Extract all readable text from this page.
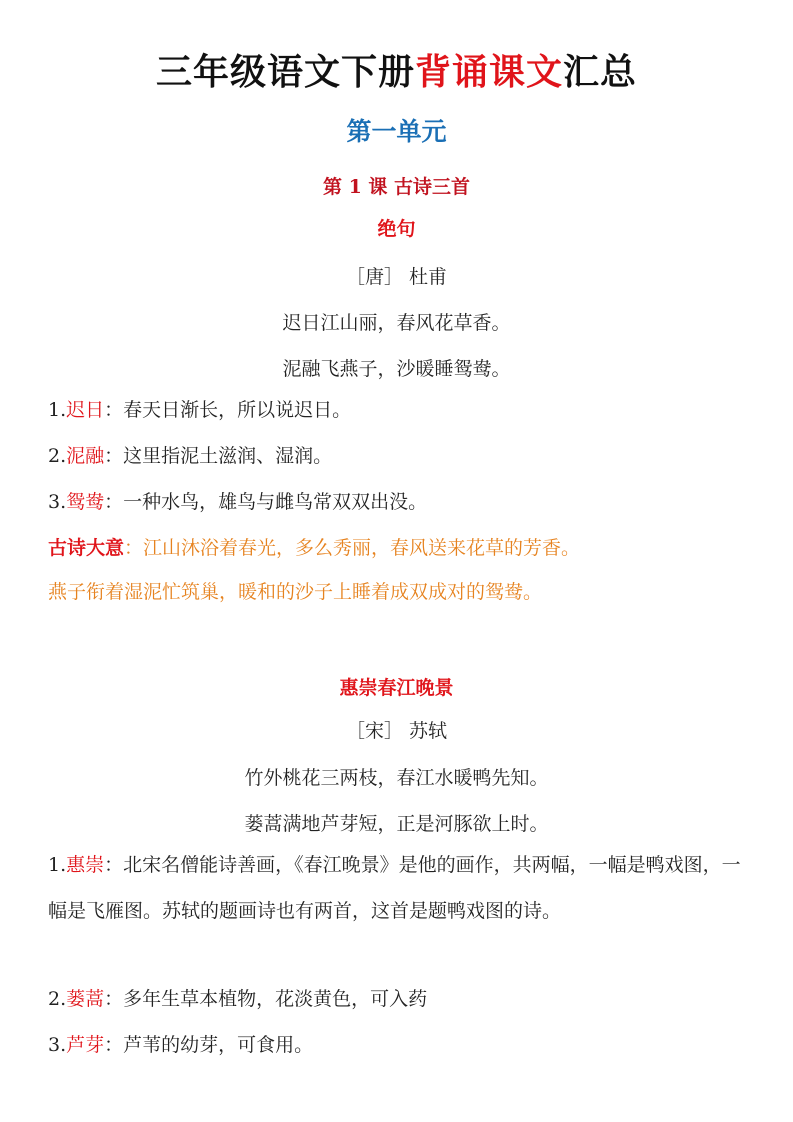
三年级语文下册背诵课文汇总
第一单元
第 1 课 古诗三首
绝句
［唐］ 杜甫
迟日江山丽，春风花草香。
泥融飞燕子，沙暖睡鸳鸯。
1.迟日：春天日渐长，所以说迟日。
2.泥融：这里指泥土滋润、湿润。
3.鸳鸯：一种水鸟，雄鸟与雌鸟常双双出没。
古诗大意：江山沐浴着春光，多么秀丽，春风送来花草的芳香。
燕子衔着湿泥忙筑巢，暖和的沙子上睡着成双成对的鸳鸯。
惠崇春江晚景
［宋］ 苏轼
竹外桃花三两枝，春江水暖鸭先知。
蒌蒿满地芦芽短，正是河豚欲上时。
1.惠崇：北宋名僧能诗善画，《春江晚景》是他的画作，共两幅，一幅是鸭戏图，一幅是飞雁图。苏轼的题画诗也有两首，这首是题鸭戏图的诗。
2.蒌蒿：多年生草本植物，花淡黄色，可入药
3.芦芽：芦苇的幼芽，可食用。
